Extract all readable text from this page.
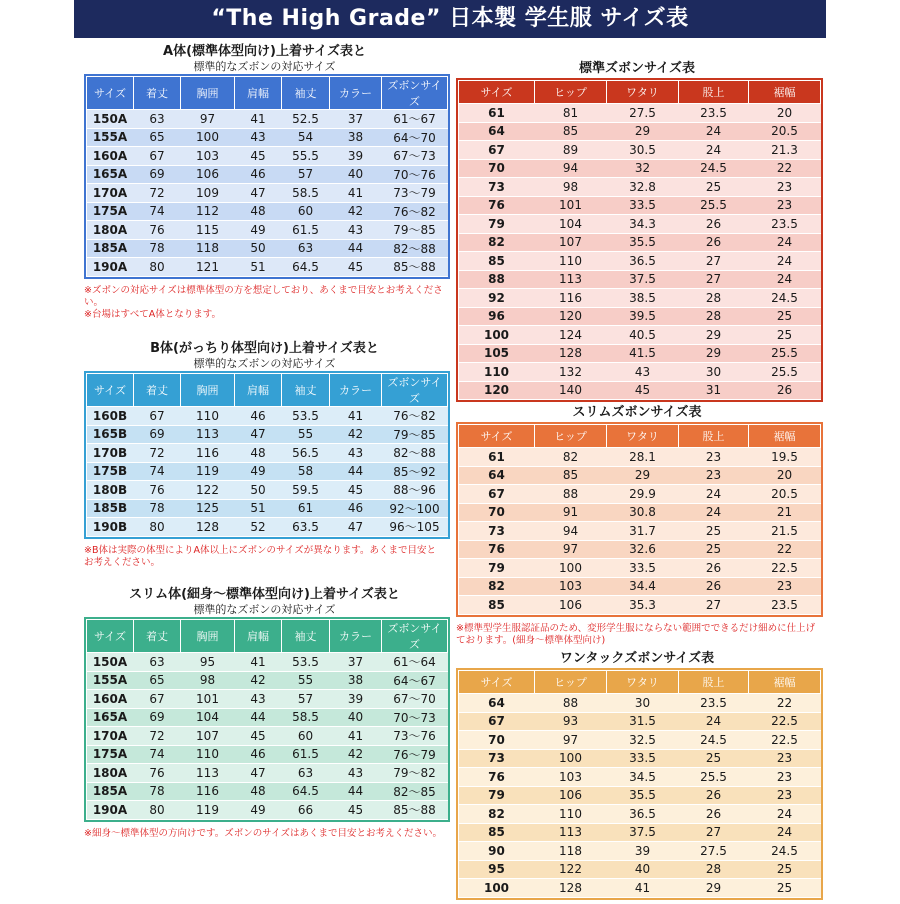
“The High Grade” 日本製 学生服 サイズ表
A体(標準体型向け)上着サイズ表と
標準的なズボンの対応サイズ
サイズ	着丈	胸囲	肩幅	袖丈	カラー	ズボンサイズ
150A	63	97	41	52.5	37	61〜67
155A	65	100	43	54	38	64〜70
160A	67	103	45	55.5	39	67〜73
165A	69	106	46	57	40	70〜76
170A	72	109	47	58.5	41	73〜79
175A	74	112	48	60	42	76〜82
180A	76	115	49	61.5	43	79〜85
185A	78	118	50	63	44	82〜88
190A	80	121	51	64.5	45	85〜88
※ズボンの対応サイズは標準体型の方を想定しており、あくまで目安とお考えください。
※台場はすべてA体となります。
B体(がっちり体型向け)上着サイズ表と
標準的なズボンの対応サイズ
サイズ	着丈	胸囲	肩幅	袖丈	カラー	ズボンサイズ
160B	67	110	46	53.5	41	76〜82
165B	69	113	47	55	42	79〜85
170B	72	116	48	56.5	43	82〜88
175B	74	119	49	58	44	85〜92
180B	76	122	50	59.5	45	88〜96
185B	78	125	51	61	46	92〜100
190B	80	128	52	63.5	47	96〜105
※B体は実際の体型によりA体以上にズボンのサイズが異なります。あくまで目安とお考えください。
スリム体(細身〜標準体型向け)上着サイズ表と
標準的なズボンの対応サイズ
サイズ	着丈	胸囲	肩幅	袖丈	カラー	ズボンサイズ
150A	63	95	41	53.5	37	61〜64
155A	65	98	42	55	38	64〜67
160A	67	101	43	57	39	67〜70
165A	69	104	44	58.5	40	70〜73
170A	72	107	45	60	41	73〜76
175A	74	110	46	61.5	42	76〜79
180A	76	113	47	63	43	79〜82
185A	78	116	48	64.5	44	82〜85
190A	80	119	49	66	45	85〜88
※細身〜標準体型の方向けです。ズボンのサイズはあくまで目安とお考えください。
標準ズボンサイズ表
サイズ	ヒップ	ワタリ	股上	裾幅
61	81	27.5	23.5	20
64	85	29	24	20.5
67	89	30.5	24	21.3
70	94	32	24.5	22
73	98	32.8	25	23
76	101	33.5	25.5	23
79	104	34.3	26	23.5
82	107	35.5	26	24
85	110	36.5	27	24
88	113	37.5	27	24
92	116	38.5	28	24.5
96	120	39.5	28	25
100	124	40.5	29	25
105	128	41.5	29	25.5
110	132	43	30	25.5
120	140	45	31	26
スリムズボンサイズ表
サイズ	ヒップ	ワタリ	股上	裾幅
61	82	28.1	23	19.5
64	85	29	23	20
67	88	29.9	24	20.5
70	91	30.8	24	21
73	94	31.7	25	21.5
76	97	32.6	25	22
79	100	33.5	26	22.5
82	103	34.4	26	23
85	106	35.3	27	23.5
※標準型学生服認証品のため、変形学生服にならない範囲でできるだけ細めに仕上げております。(細身〜標準体型向け)
ワンタックズボンサイズ表
サイズ	ヒップ	ワタリ	股上	裾幅
64	88	30	23.5	22
67	93	31.5	24	22.5
70	97	32.5	24.5	22.5
73	100	33.5	25	23
76	103	34.5	25.5	23
79	106	35.5	26	23
82	110	36.5	26	24
85	113	37.5	27	24
90	118	39	27.5	24.5
95	122	40	28	25
100	128	41	29	25
